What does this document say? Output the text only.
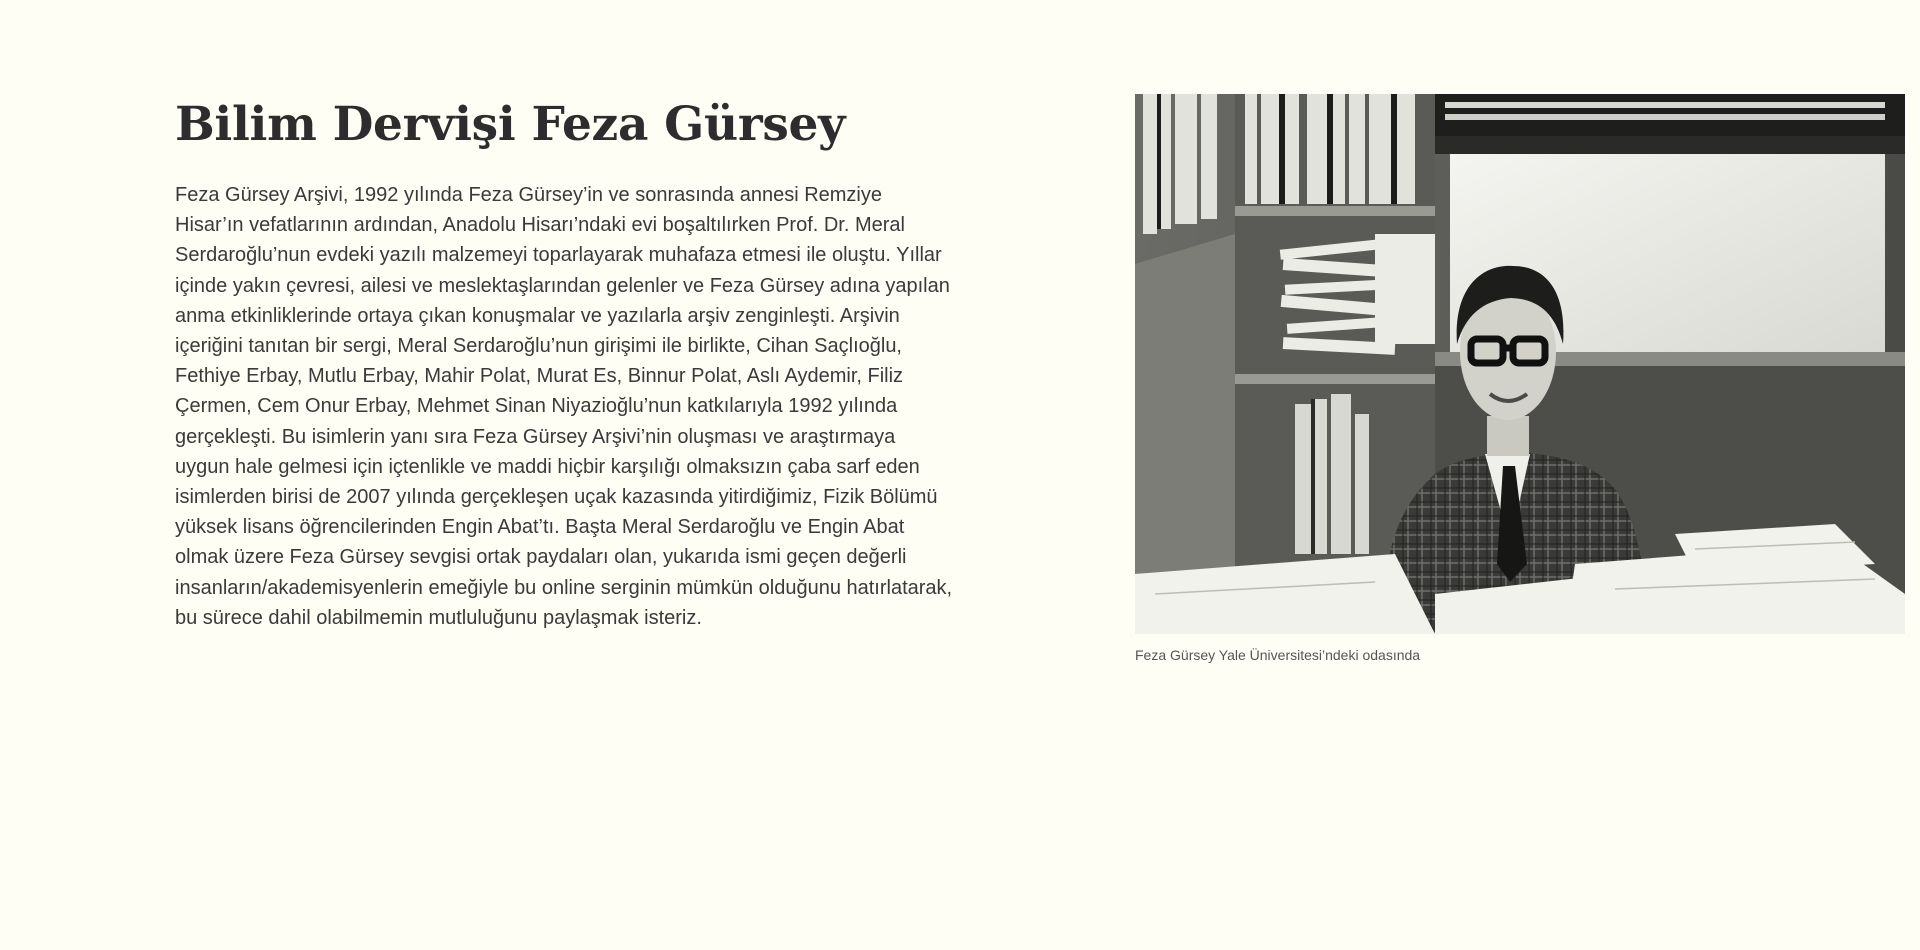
Bilim Dervişi Feza Gürsey

Feza Gürsey Arşivi, 1992 yılında Feza Gürsey’in ve sonrasında annesi Remziye Hisar’ın vefatlarının ardından, Anadolu Hisarı’ndaki evi boşaltılırken Prof. Dr. Meral Serdaroğlu’nun evdeki yazılı malzemeyi toparlayarak muhafaza etmesi ile oluştu. Yıllar içinde yakın çevresi, ailesi ve meslektaşlarından gelenler ve Feza Gürsey adına yapılan anma etkinliklerinde ortaya çıkan konuşmalar ve yazılarla arşiv zenginleşti. Arşivin içeriğini tanıtan bir sergi, Meral Serdaroğlu’nun girişimi ile birlikte, Cihan Saçlıoğlu, Fethiye Erbay, Mutlu Erbay, Mahir Polat, Murat Es, Binnur Polat, Aslı Aydemir, Filiz Çermen, Cem Onur Erbay, Mehmet Sinan Niyazioğlu’nun katkılarıyla 1992 yılında gerçekleşti. Bu isimlerin yanı sıra Feza Gürsey Arşivi’nin oluşması ve araştırmaya uygun hale gelmesi için içtenlikle ve maddi hiçbir karşılığı olmaksızın çaba sarf eden isimlerden birisi de 2007 yılında gerçekleşen uçak kazasında yitirdiğimiz, Fizik Bölümü yüksek lisans öğrencilerinden Engin Abat’tı. Başta Meral Serdaroğlu ve Engin Abat olmak üzere Feza Gürsey sevgisi ortak paydaları olan, yukarıda ismi geçen değerli insanların/akademisyenlerin emeğiyle bu online serginin mümkün olduğunu hatırlatarak, bu sürece dahil olabilmemin mutluluğunu paylaşmak isteriz.

Feza Gürsey Yale Üniversitesi’ndeki odasında
